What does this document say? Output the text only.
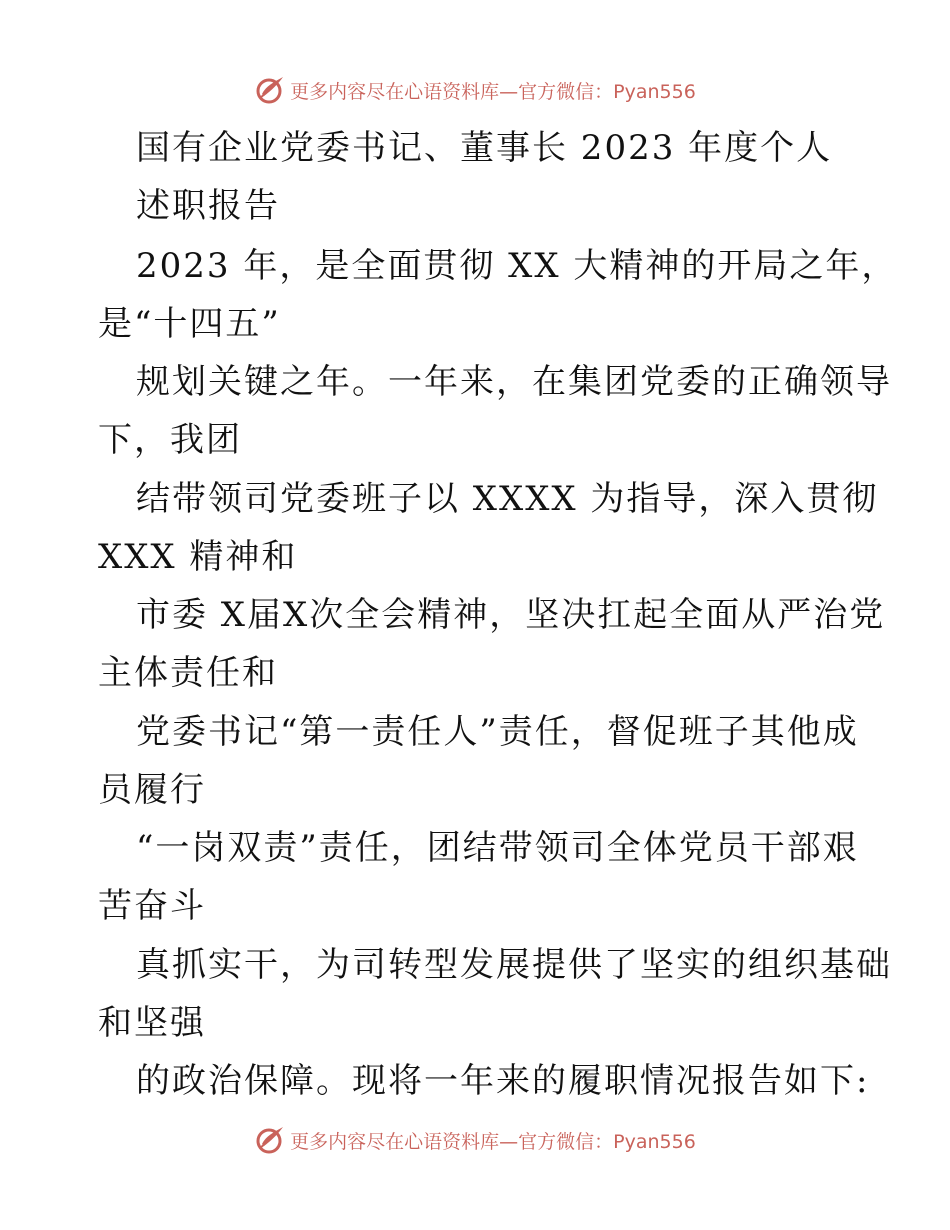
更多内容尽在心语资料库—官方微信：Pyan556
国有企业党委书记、董事长 2023 年度个人
述职报告
2023 年，是全面贯彻 XX 大精神的开局之年，
是“十四五”
规划关键之年。一年来，在集团党委的正确领导
下，我团
结带领司党委班子以 XXXX 为指导，深入贯彻
XXX 精神和
市委 X届X次全会精神，坚决扛起全面从严治党
主体责任和
党委书记“第一责任人”责任，督促班子其他成
员履行
“一岗双责”责任，团结带领司全体党员干部艰
苦奋斗
真抓实干，为司转型发展提供了坚实的组织基础
和坚强
的政治保障。现将一年来的履职情况报告如下:
更多内容尽在心语资料库—官方微信：Pyan556
